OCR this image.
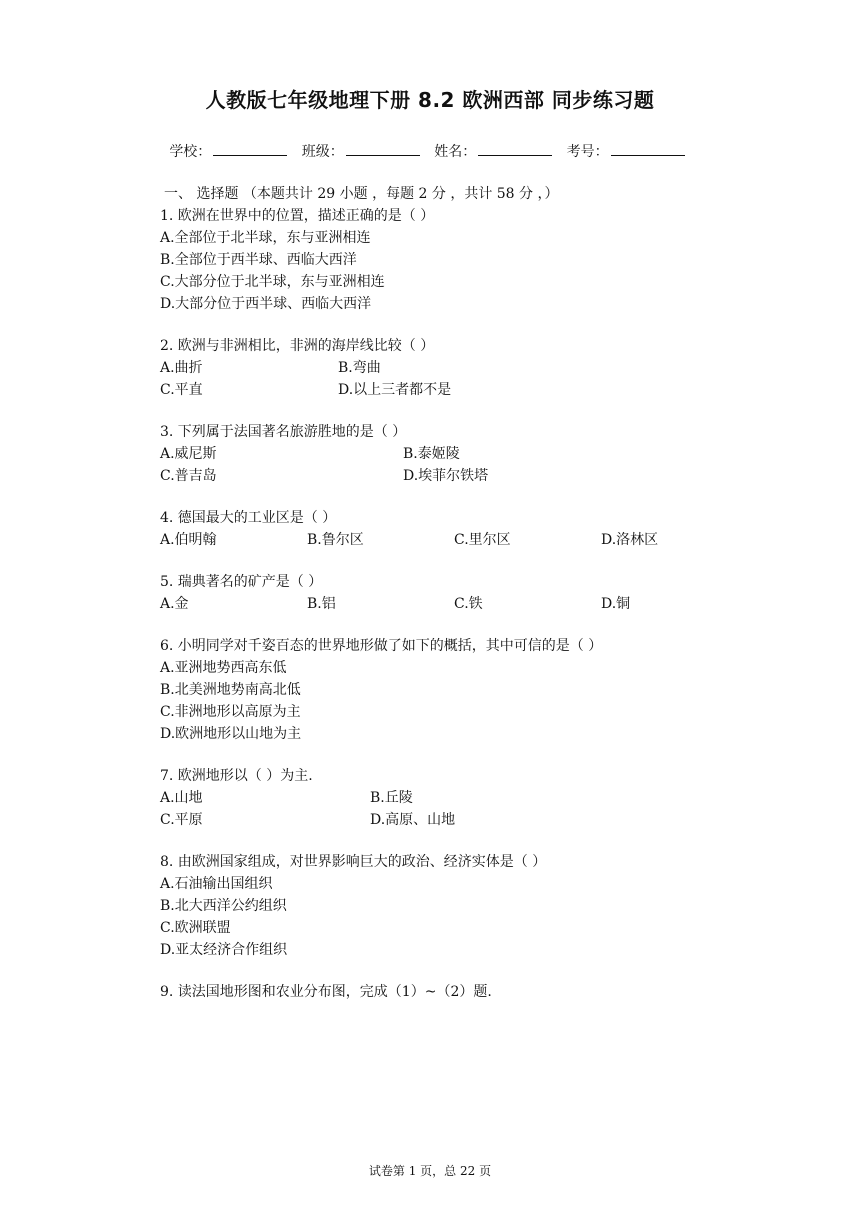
人教版七年级地理下册 8.2 欧洲西部 同步练习题
学校：	班级：	姓名：	考号：
一、 选择题 （本题共计 29 小题 ，每题 2 分 ，共计 58 分 ，）
1. 欧洲在世界中的位置，描述正确的是（ ）
A.全部位于北半球，东与亚洲相连
B.全部位于西半球、西临大西洋
C.大部分位于北半球，东与亚洲相连
D.大部分位于西半球、西临大西洋
2. 欧洲与非洲相比，非洲的海岸线比较（ ）
A.曲折	B.弯曲
C.平直	D.以上三者都不是
3. 下列属于法国著名旅游胜地的是（ ）
A.威尼斯	B.泰姬陵
C.普吉岛	D.埃菲尔铁塔
4. 德国最大的工业区是（ ）
A.伯明翰	B.鲁尔区	C.里尔区	D.洛林区
5. 瑞典著名的矿产是（ ）
A.金	B.铝	C.铁	D.铜
6. 小明同学对千姿百态的世界地形做了如下的概括，其中可信的是（ ）
A.亚洲地势西高东低
B.北美洲地势南高北低
C.非洲地形以高原为主
D.欧洲地形以山地为主
7. 欧洲地形以（ ）为主.
A.山地	B.丘陵
C.平原	D.高原、山地
8. 由欧洲国家组成，对世界影响巨大的政治、经济实体是（ ）
A.石油输出国组织
B.北大西洋公约组织
C.欧洲联盟
D.亚太经济合作组织
9. 读法国地形图和农业分布图，完成（1）~（2）题.
试卷第 1 页，总 22 页
